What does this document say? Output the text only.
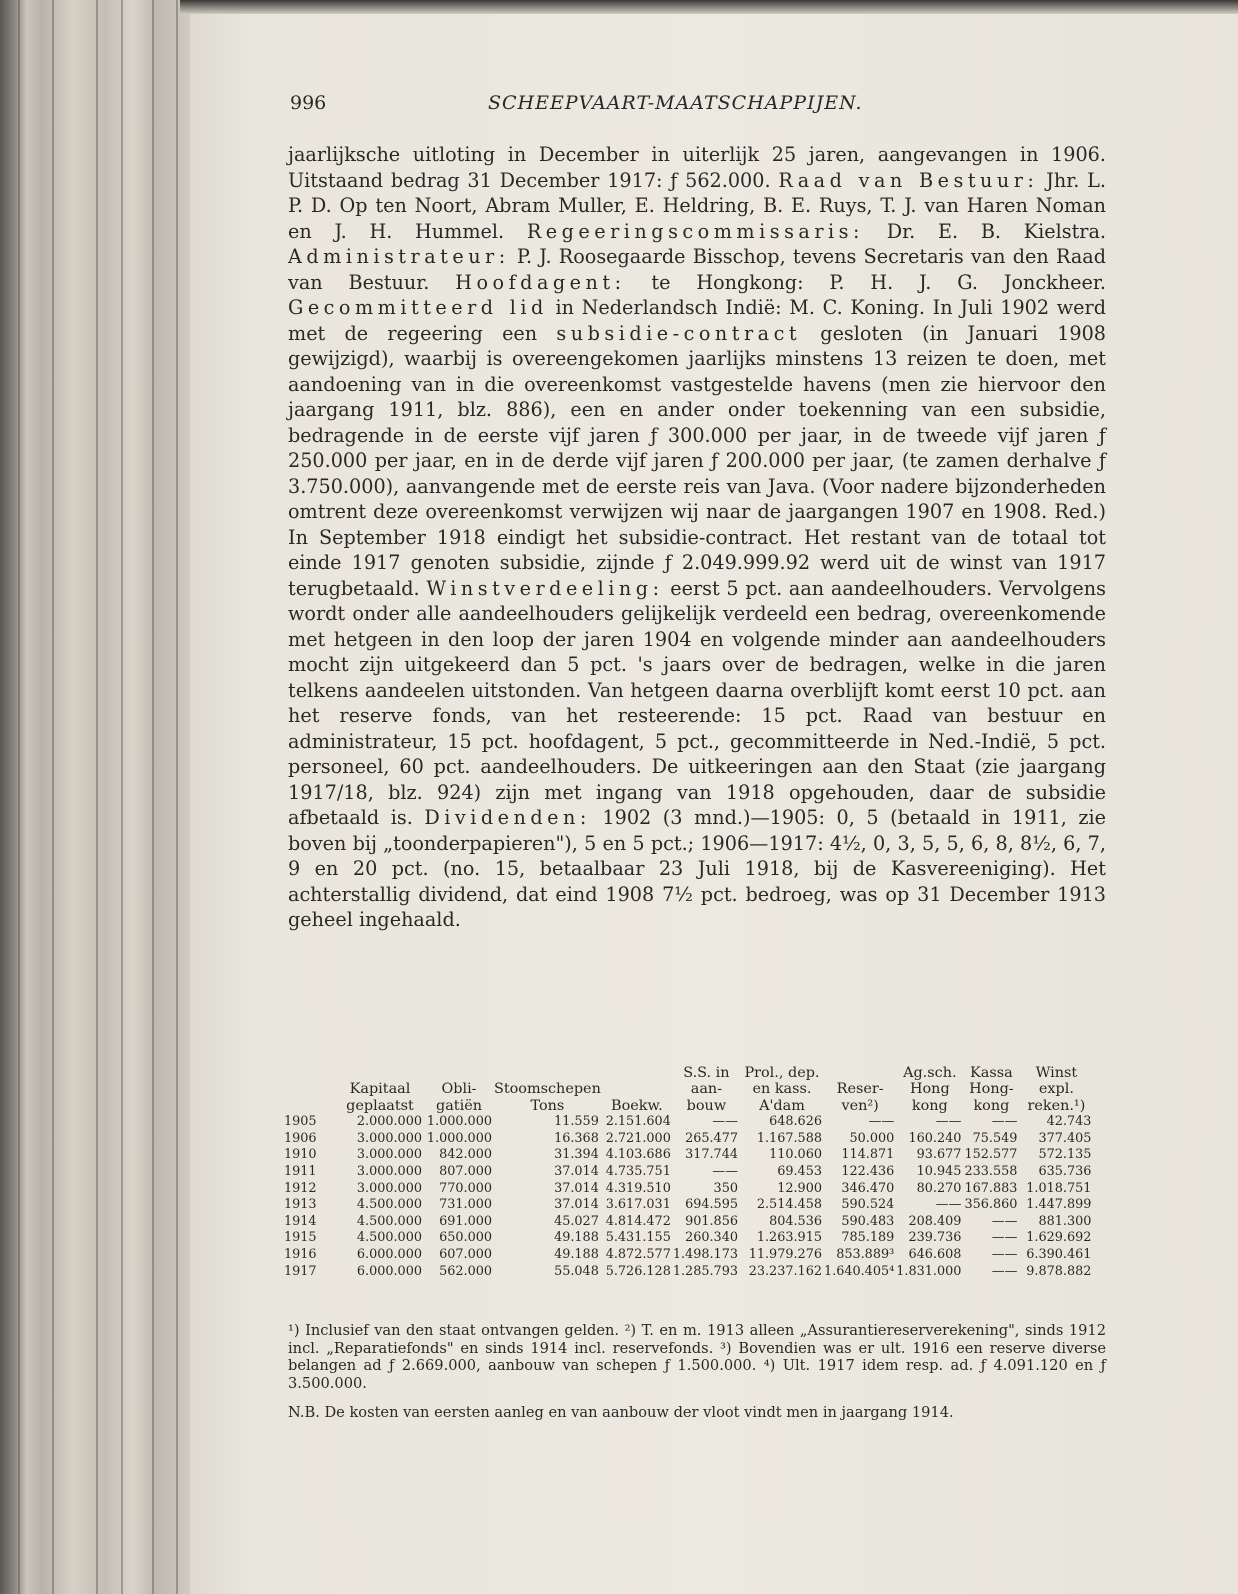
996	SCHEEPVAART-MAATSCHAPPIJEN.

jaarlijksche uitloting in December in uiterlijk 25 jaren, aangevangen in 1906. Uitstaand bedrag 31 December 1917: ƒ 562.000. Raad van Bestuur: Jhr. L. P. D. Op ten Noort, Abram Muller, E. Heldring, B. E. Ruys, T. J. van Haren Noman en J. H. Hummel. Regeeringscommissaris: Dr. E. B. Kielstra. Administrateur: P. J. Roosegaarde Bisschop, tevens Secretaris van den Raad van Bestuur. Hoofdagent: te Hongkong: P. H. J. G. Jonckheer. Gecommitteerd lid in Nederlandsch Indië: M. C. Koning. In Juli 1902 werd met de regeering een subsidie-contract gesloten (in Januari 1908 gewijzigd), waarbij is overeengekomen jaarlijks minstens 13 reizen te doen, met aandoening van in die overeenkomst vastgestelde havens (men zie hiervoor den jaargang 1911, blz. 886), een en ander onder toekenning van een subsidie, bedragende in de eerste vijf jaren ƒ 300.000 per jaar, in de tweede vijf jaren ƒ 250.000 per jaar, en in de derde vijf jaren ƒ 200.000 per jaar, (te zamen derhalve ƒ 3.750.000), aanvangende met de eerste reis van Java. (Voor nadere bijzonderheden omtrent deze overeenkomst verwijzen wij naar de jaargangen 1907 en 1908. Red.) In September 1918 eindigt het subsidie-contract. Het restant van de totaal tot einde 1917 genoten subsidie, zijnde ƒ 2.049.999.92 werd uit de winst van 1917 terugbetaald. Winstverdeeling: eerst 5 pct. aan aandeelhouders. Vervolgens wordt onder alle aandeelhouders gelijkelijk verdeeld een bedrag, overeenkomende met hetgeen in den loop der jaren 1904 en volgende minder aan aandeelhouders mocht zijn uitgekeerd dan 5 pct. 's jaars over de bedragen, welke in die jaren telkens aandeelen uitstonden. Van hetgeen daarna overblijft komt eerst 10 pct. aan het reserve fonds, van het resteerende: 15 pct. Raad van bestuur en administrateur, 15 pct. hoofdagent, 5 pct., gecommitteerde in Ned.-Indië, 5 pct. personeel, 60 pct. aandeelhouders. De uitkeeringen aan den Staat (zie jaargang 1917/18, blz. 924) zijn met ingang van 1918 opgehouden, daar de subsidie afbetaald is. Dividenden: 1902 (3 mnd.)—1905: 0, 5 (betaald in 1911, zie boven bij „toonderpapieren"), 5 en 5 pct.; 1906—1917: 4½, 0, 3, 5, 5, 6, 8, 8½, 6, 7, 9 en 20 pct. (no. 15, betaalbaar 23 Juli 1918, bij de Kasvereeniging). Het achterstallig dividend, dat eind 1908 7½ pct. bedroeg, was op 31 December 1913 geheel ingehaald.

					S.S. in	Prol., dep.		Ag.sch.	Kassa	Winst
	Kapitaal	Obli-	Stoomschepen		aan-	en kass.	Reser-	Hong	Hong-	expl.
	geplaatst	gatiën	Tons	Boekw.	bouw	A'dam	ven²)	kong	kong	reken.¹)
1905	2.000.000	1.000.000	11.559	2.151.604	——	648.626	——	——	——	42.743
1906	3.000.000	1.000.000	16.368	2.721.000	265.477	1.167.588	50.000	160.240	75.549	377.405
1910	3.000.000	842.000	31.394	4.103.686	317.744	110.060	114.871	93.677	152.577	572.135
1911	3.000.000	807.000	37.014	4.735.751	——	69.453	122.436	10.945	233.558	635.736
1912	3.000.000	770.000	37.014	4.319.510	350	12.900	346.470	80.270	167.883	1.018.751
1913	4.500.000	731.000	37.014	3.617.031	694.595	2.514.458	590.524	——	356.860	1.447.899
1914	4.500.000	691.000	45.027	4.814.472	901.856	804.536	590.483	208.409	——	881.300
1915	4.500.000	650.000	49.188	5.431.155	260.340	1.263.915	785.189	239.736	——	1.629.692
1916	6.000.000	607.000	49.188	4.872.577	1.498.173	11.979.276	853.889³	646.608	——	6.390.461
1917	6.000.000	562.000	55.048	5.726.128	1.285.793	23.237.162	1.640.405⁴	1.831.000	——	9.878.882

¹) Inclusief van den staat ontvangen gelden. ²) T. en m. 1913 alleen „Assurantiereserverekening", sinds 1912 incl. „Reparatiefonds" en sinds 1914 incl. reservefonds. ³) Bovendien was er ult. 1916 een reserve diverse belangen ad ƒ 2.669.000, aanbouw van schepen ƒ 1.500.000. ⁴) Ult. 1917 idem resp. ad. ƒ 4.091.120 en ƒ 3.500.000.

N.B. De kosten van eersten aanleg en van aanbouw der vloot vindt men in jaargang 1914.
